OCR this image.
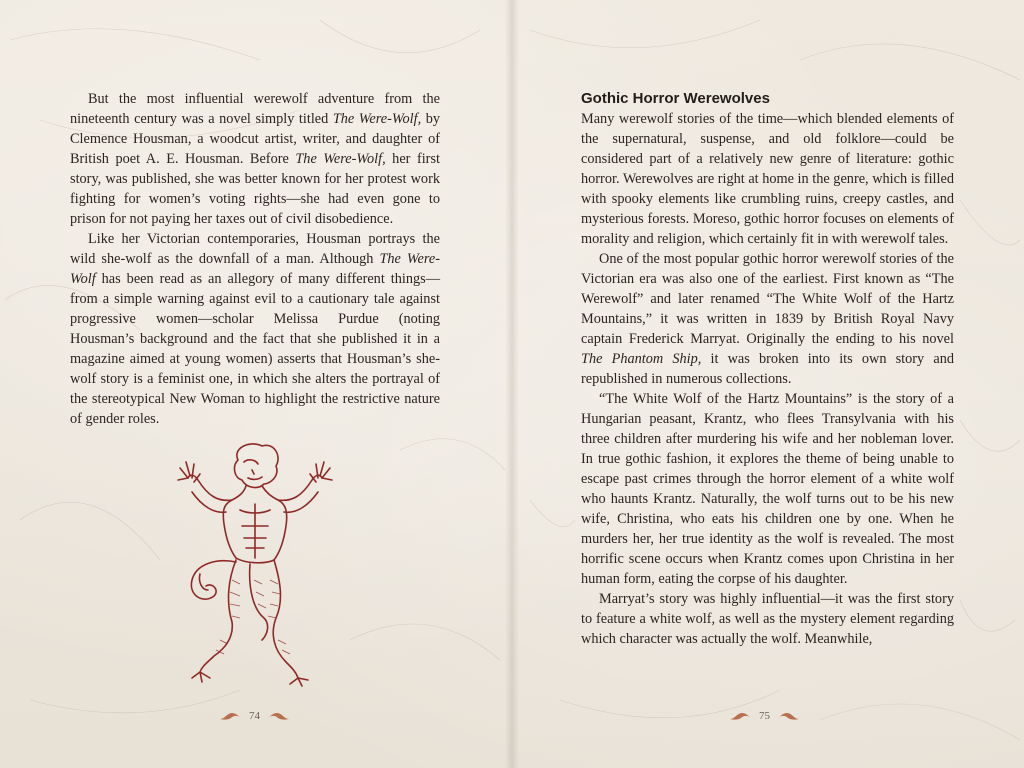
But the most influential werewolf adventure from the nineteenth century was a novel simply titled The Were-Wolf, by Clemence Housman, a woodcut artist, writer, and daughter of British poet A. E. Housman. Before The Were-Wolf, her first story, was published, she was better known for her protest work fighting for women’s voting rights—she had even gone to prison for not paying her taxes out of civil disobedience.

Like her Victorian contemporaries, Housman portrays the wild she-wolf as the downfall of a man. Although The Were-Wolf has been read as an allegory of many different things—from a simple warning against evil to a cautionary tale against progressive women—scholar Melissa Purdue (noting Housman’s background and the fact that she published it in a magazine aimed at young women) asserts that Housman’s she-wolf story is a feminist one, in which she alters the portrayal of the stereotypical New Woman to highlight the restrictive nature of gender roles.

74
Gothic Horror Werewolves

Many werewolf stories of the time—which blended elements of the supernatural, suspense, and old folklore—could be considered part of a relatively new genre of literature: gothic horror. Werewolves are right at home in the genre, which is filled with spooky elements like crumbling ruins, creepy castles, and mysterious forests. Moreso, gothic horror focuses on elements of morality and religion, which certainly fit in with werewolf tales.

One of the most popular gothic horror werewolf stories of the Victorian era was also one of the earliest. First known as “The Werewolf” and later renamed “The White Wolf of the Hartz Mountains,” it was written in 1839 by British Royal Navy captain Frederick Marryat. Originally the ending to his novel The Phantom Ship, it was broken into its own story and republished in numerous collections.

“The White Wolf of the Hartz Mountains” is the story of a Hungarian peasant, Krantz, who flees Transylvania with his three children after murdering his wife and her nobleman lover. In true gothic fashion, it explores the theme of being unable to escape past crimes through the horror element of a white wolf who haunts Krantz. Naturally, the wolf turns out to be his new wife, Christina, who eats his children one by one. When he murders her, her true identity as the wolf is revealed. The most horrific scene occurs when Krantz comes upon Christina in her human form, eating the corpse of his daughter.

Marryat’s story was highly influential—it was the first story to feature a white wolf, as well as the mystery element regarding which character was actually the wolf. Meanwhile,

75
